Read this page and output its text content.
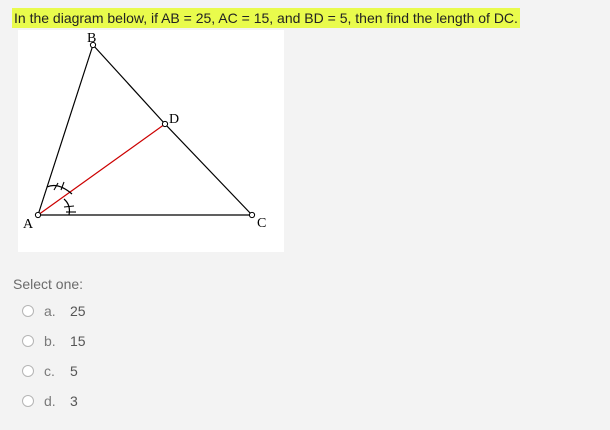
In the diagram below, if AB = 25, AC = 15, and BD = 5, then find the length of DC.
A
B
C
D
Select one:
a.	25
b.	15
c.	5
d.	3
